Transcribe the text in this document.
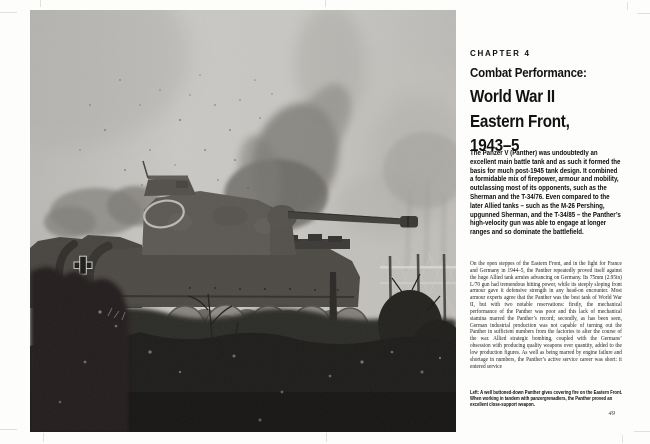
CHAPTER 4
Combat Performance:
World War II
Eastern Front,
1943–5
The Panzer V (Panther) was undoubtedly an excellent main battle tank and as such it formed the basis for much post-1945 tank design. It combined a formidable mix of firepower, armour and mobility, outclassing most of its opponents, such as the Sherman and the T-34/76. Even compared to the later Allied tanks – such as the M-26 Pershing, upgunned Sherman, and the T-34/85 – the Panther’s high-velocity gun was able to engage at longer ranges and so dominate the battlefield.
On the open steppes of the Eastern Front, and in the fight for France and Germany in 1944–5, the Panther repeatedly proved itself against the huge Allied tank armies advancing on Germany. Its 75mm (2.95in) L/70 gun had tremendous hitting power, while its steeply sloping front armour gave it defensive strength in any head-on encounter. Most armour experts agree that the Panther was the best tank of World War II, but with two notable reservations: firstly, the mechanical performance of the Panther was poor and this lack of mechanical stamina marred the Panther’s record; secondly, as has been seen, German industrial production was not capable of turning out the Panther in sufficient numbers from the factories to alter the course of the war. Allied strategic bombing, coupled with the Germans’ obsession with producing quality weapons over quantity, added to the low production figures. As well as being marred by engine failure and shortage in numbers, the Panther’s active service career was short: it entered service
Left: A well buttoned-down Panther gives covering fire on the Eastern Front. When working in tandem with panzergrenadiers, the Panther proved an excellent close-support weapon.
49
